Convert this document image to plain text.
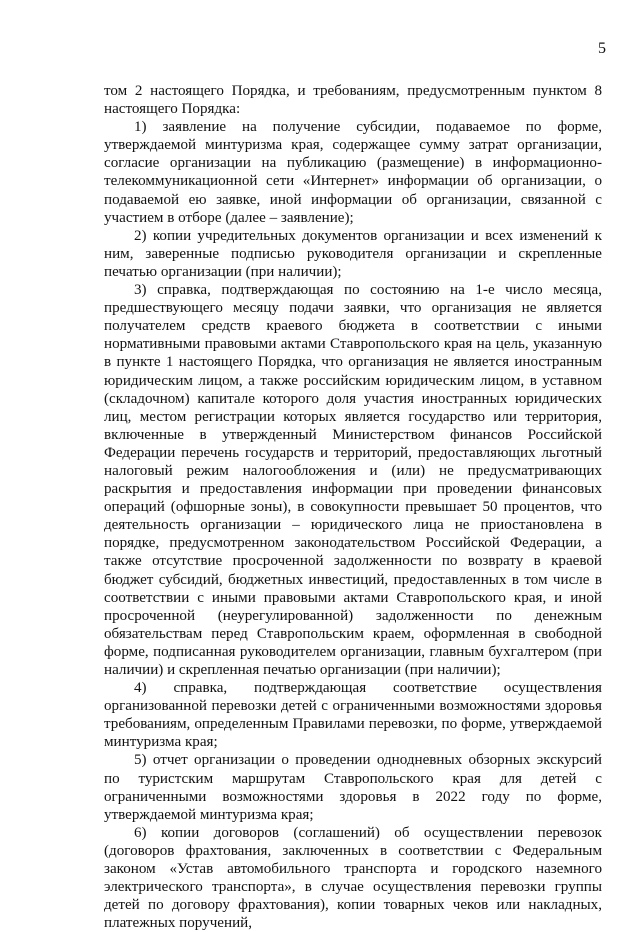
5

том 2 настоящего Порядка, и требованиям, предусмотренным пунктом 8 настоящего Порядка:

1) заявление на получение субсидии, подаваемое по форме, утверждаемой минтуризма края, содержащее сумму затрат организации, согласие организации на публикацию (размещение) в информационно-телекоммуникационной сети «Интернет» информации об организации, о подаваемой ею заявке, иной информации об организации, связанной с участием в отборе (далее – заявление);

2) копии учредительных документов организации и всех изменений к ним, заверенные подписью руководителя организации и скрепленные печатью организации (при наличии);

3) справка, подтверждающая по состоянию на 1-е число месяца, предшествующего месяцу подачи заявки, что организация не является получателем средств краевого бюджета в соответствии с иными нормативными правовыми актами Ставропольского края на цель, указанную в пункте 1 настоящего Порядка, что организация не является иностранным юридическим лицом, а также российским юридическим лицом, в уставном (складочном) капитале которого доля участия иностранных юридических лиц, местом регистрации которых является государство или территория, включенные в утвержденный Министерством финансов Российской Федерации перечень государств и территорий, предоставляющих льготный налоговый режим налогообложения и (или) не предусматривающих раскрытия и предоставления информации при проведении финансовых операций (офшорные зоны), в совокупности превышает 50 процентов, что деятельность организации – юридического лица не приостановлена в порядке, предусмотренном законодательством Российской Федерации, а также отсутствие просроченной задолженности по возврату в краевой бюджет субсидий, бюджетных инвестиций, предоставленных в том числе в соответствии с иными правовыми актами Ставропольского края, и иной просроченной (неурегулированной) задолженности по денежным обязательствам перед Ставропольским краем, оформленная в свободной форме, подписанная руководителем организации, главным бухгалтером (при наличии) и скрепленная печатью организации (при наличии);

4) справка, подтверждающая соответствие осуществления организованной перевозки детей с ограниченными возможностями здоровья требованиям, определенным Правилами перевозки, по форме, утверждаемой минтуризма края;

5) отчет организации о проведении однодневных обзорных экскурсий по туристским маршрутам Ставропольского края для детей с ограниченными возможностями здоровья в 2022 году по форме, утверждаемой минтуризма края;

6) копии договоров (соглашений) об осуществлении перевозок (договоров фрахтования, заключенных в соответствии с Федеральным законом «Устав автомобильного транспорта и городского наземного электрического транспорта», в случае осуществления перевозки группы детей по договору фрахтования), копии товарных чеков или накладных, платежных поручений,
